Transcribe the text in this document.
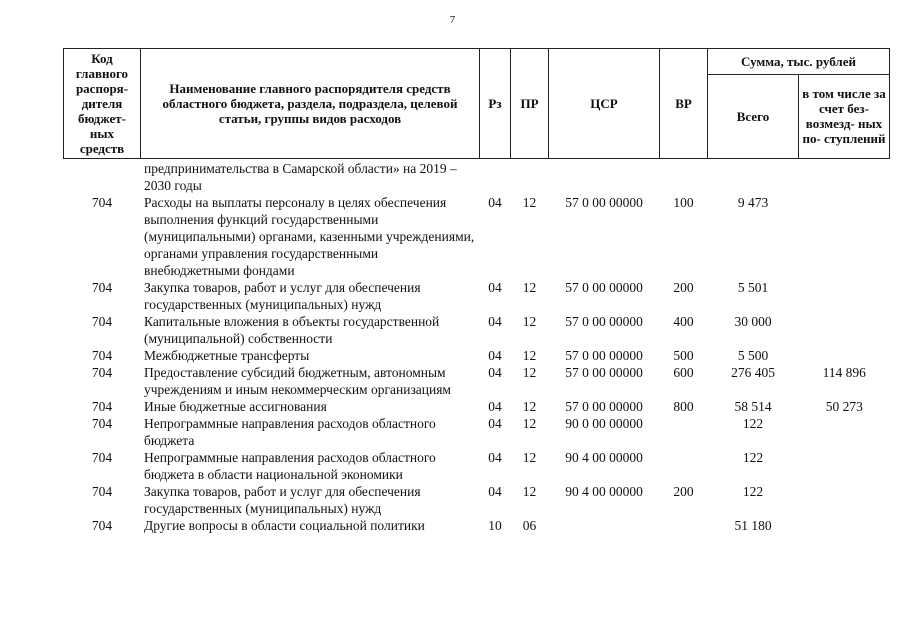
7
Код главного распоря- дителя бюджет- ных средств	Наименование главного распорядителя средств областного бюджета, раздела, подраздела, целевой статьи, группы видов расходов	Рз	ПР	ЦСР	ВР	Сумма, тыс. рублей	
						Всего	в том числе за счет без- возмезд- ных по- ступлений
	предпринимательства в Самарской области» на 2019 – 2030 годы						
704	Расходы на выплаты персоналу в целях обеспечения выполнения функций государственными (муниципальными) органами, казенными учреждениями, органами управления государственными внебюджетными фондами	04	12	57 0 00 00000	100	9 473	
704	Закупка товаров, работ и услуг для обеспечения государственных (муниципальных) нужд	04	12	57 0 00 00000	200	5 501	
704	Капитальные вложения в объекты государственной (муниципальной) собственности	04	12	57 0 00 00000	400	30 000	
704	Межбюджетные трансферты	04	12	57 0 00 00000	500	5 500	
704	Предоставление субсидий бюджетным, автономным учреждениям и иным некоммерческим организациям	04	12	57 0 00 00000	600	276 405	114 896
704	Иные бюджетные ассигнования	04	12	57 0 00 00000	800	58 514	50 273
704	Непрограммные направления расходов областного бюджета	04	12	90 0 00 00000		122	
704	Непрограммные направления расходов областного бюджета в области национальной экономики	04	12	90 4 00 00000		122	
704	Закупка товаров, работ и услуг для обеспечения государственных (муниципальных) нужд	04	12	90 4 00 00000	200	122	
704	Другие вопросы в области социальной политики	10	06			51 180	
